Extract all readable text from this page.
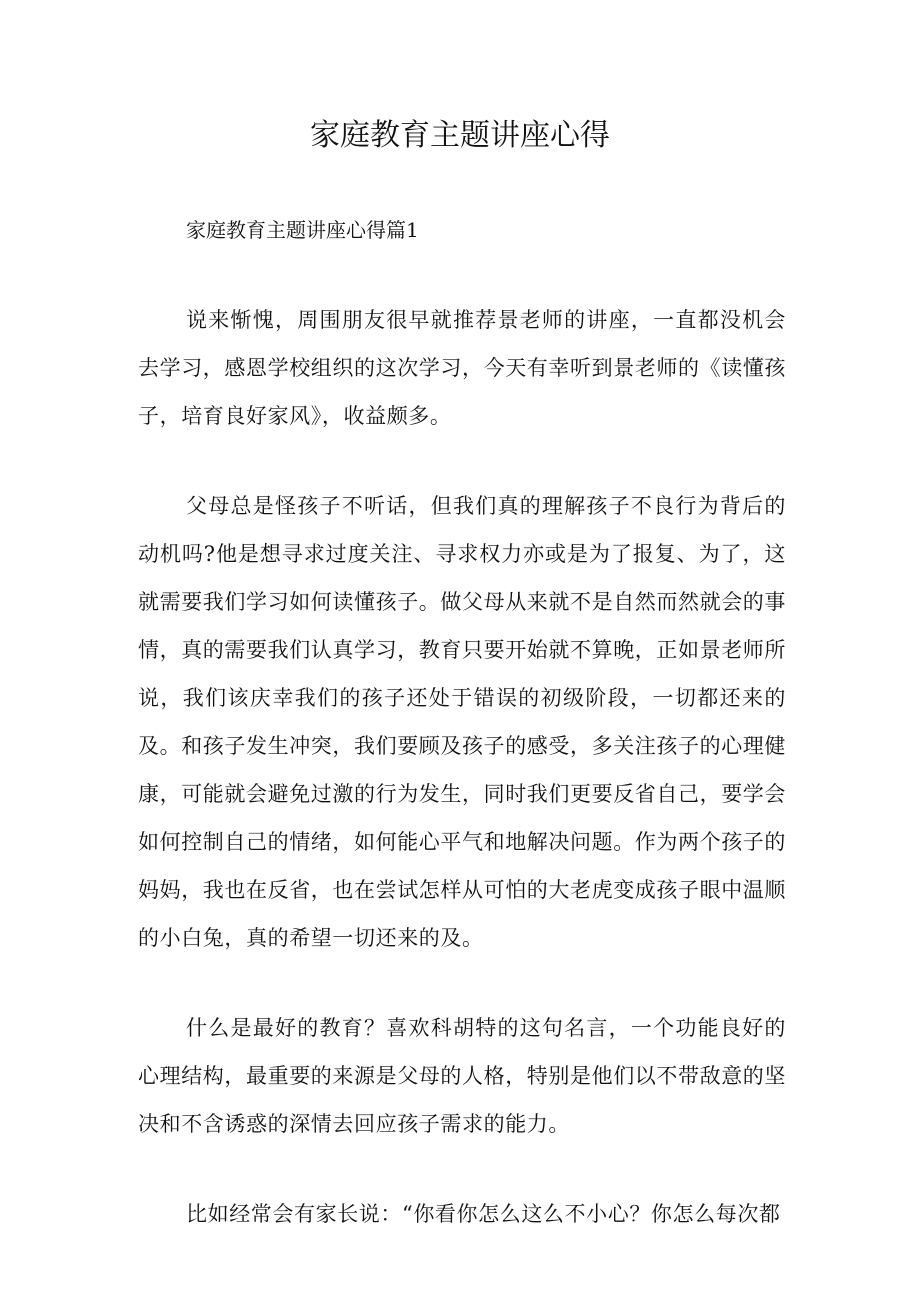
家庭教育主题讲座心得

家庭教育主题讲座心得篇1

说来惭愧，周围朋友很早就推荐景老师的讲座，一直都没机会去学习，感恩学校组织的这次学习，今天有幸听到景老师的《读懂孩子，培育良好家风》，收益颇多。

父母总是怪孩子不听话，但我们真的理解孩子不良行为背后的动机吗?他是想寻求过度关注、寻求权力亦或是为了报复、为了，这就需要我们学习如何读懂孩子。做父母从来就不是自然而然就会的事情，真的需要我们认真学习，教育只要开始就不算晚，正如景老师所说，我们该庆幸我们的孩子还处于错误的初级阶段，一切都还来的及。和孩子发生冲突，我们要顾及孩子的感受，多关注孩子的心理健康，可能就会避免过激的行为发生，同时我们更要反省自己，要学会如何控制自己的情绪，如何能心平气和地解决问题。作为两个孩子的妈妈，我也在反省，也在尝试怎样从可怕的大老虎变成孩子眼中温顺的小白兔，真的希望一切还来的及。

什么是最好的教育？喜欢科胡特的这句名言，一个功能良好的心理结构，最重要的来源是父母的人格，特别是他们以不带敌意的坚决和不含诱惑的深情去回应孩子需求的能力。

比如经常会有家长说：“你看你怎么这么不小心？你怎么每次都
